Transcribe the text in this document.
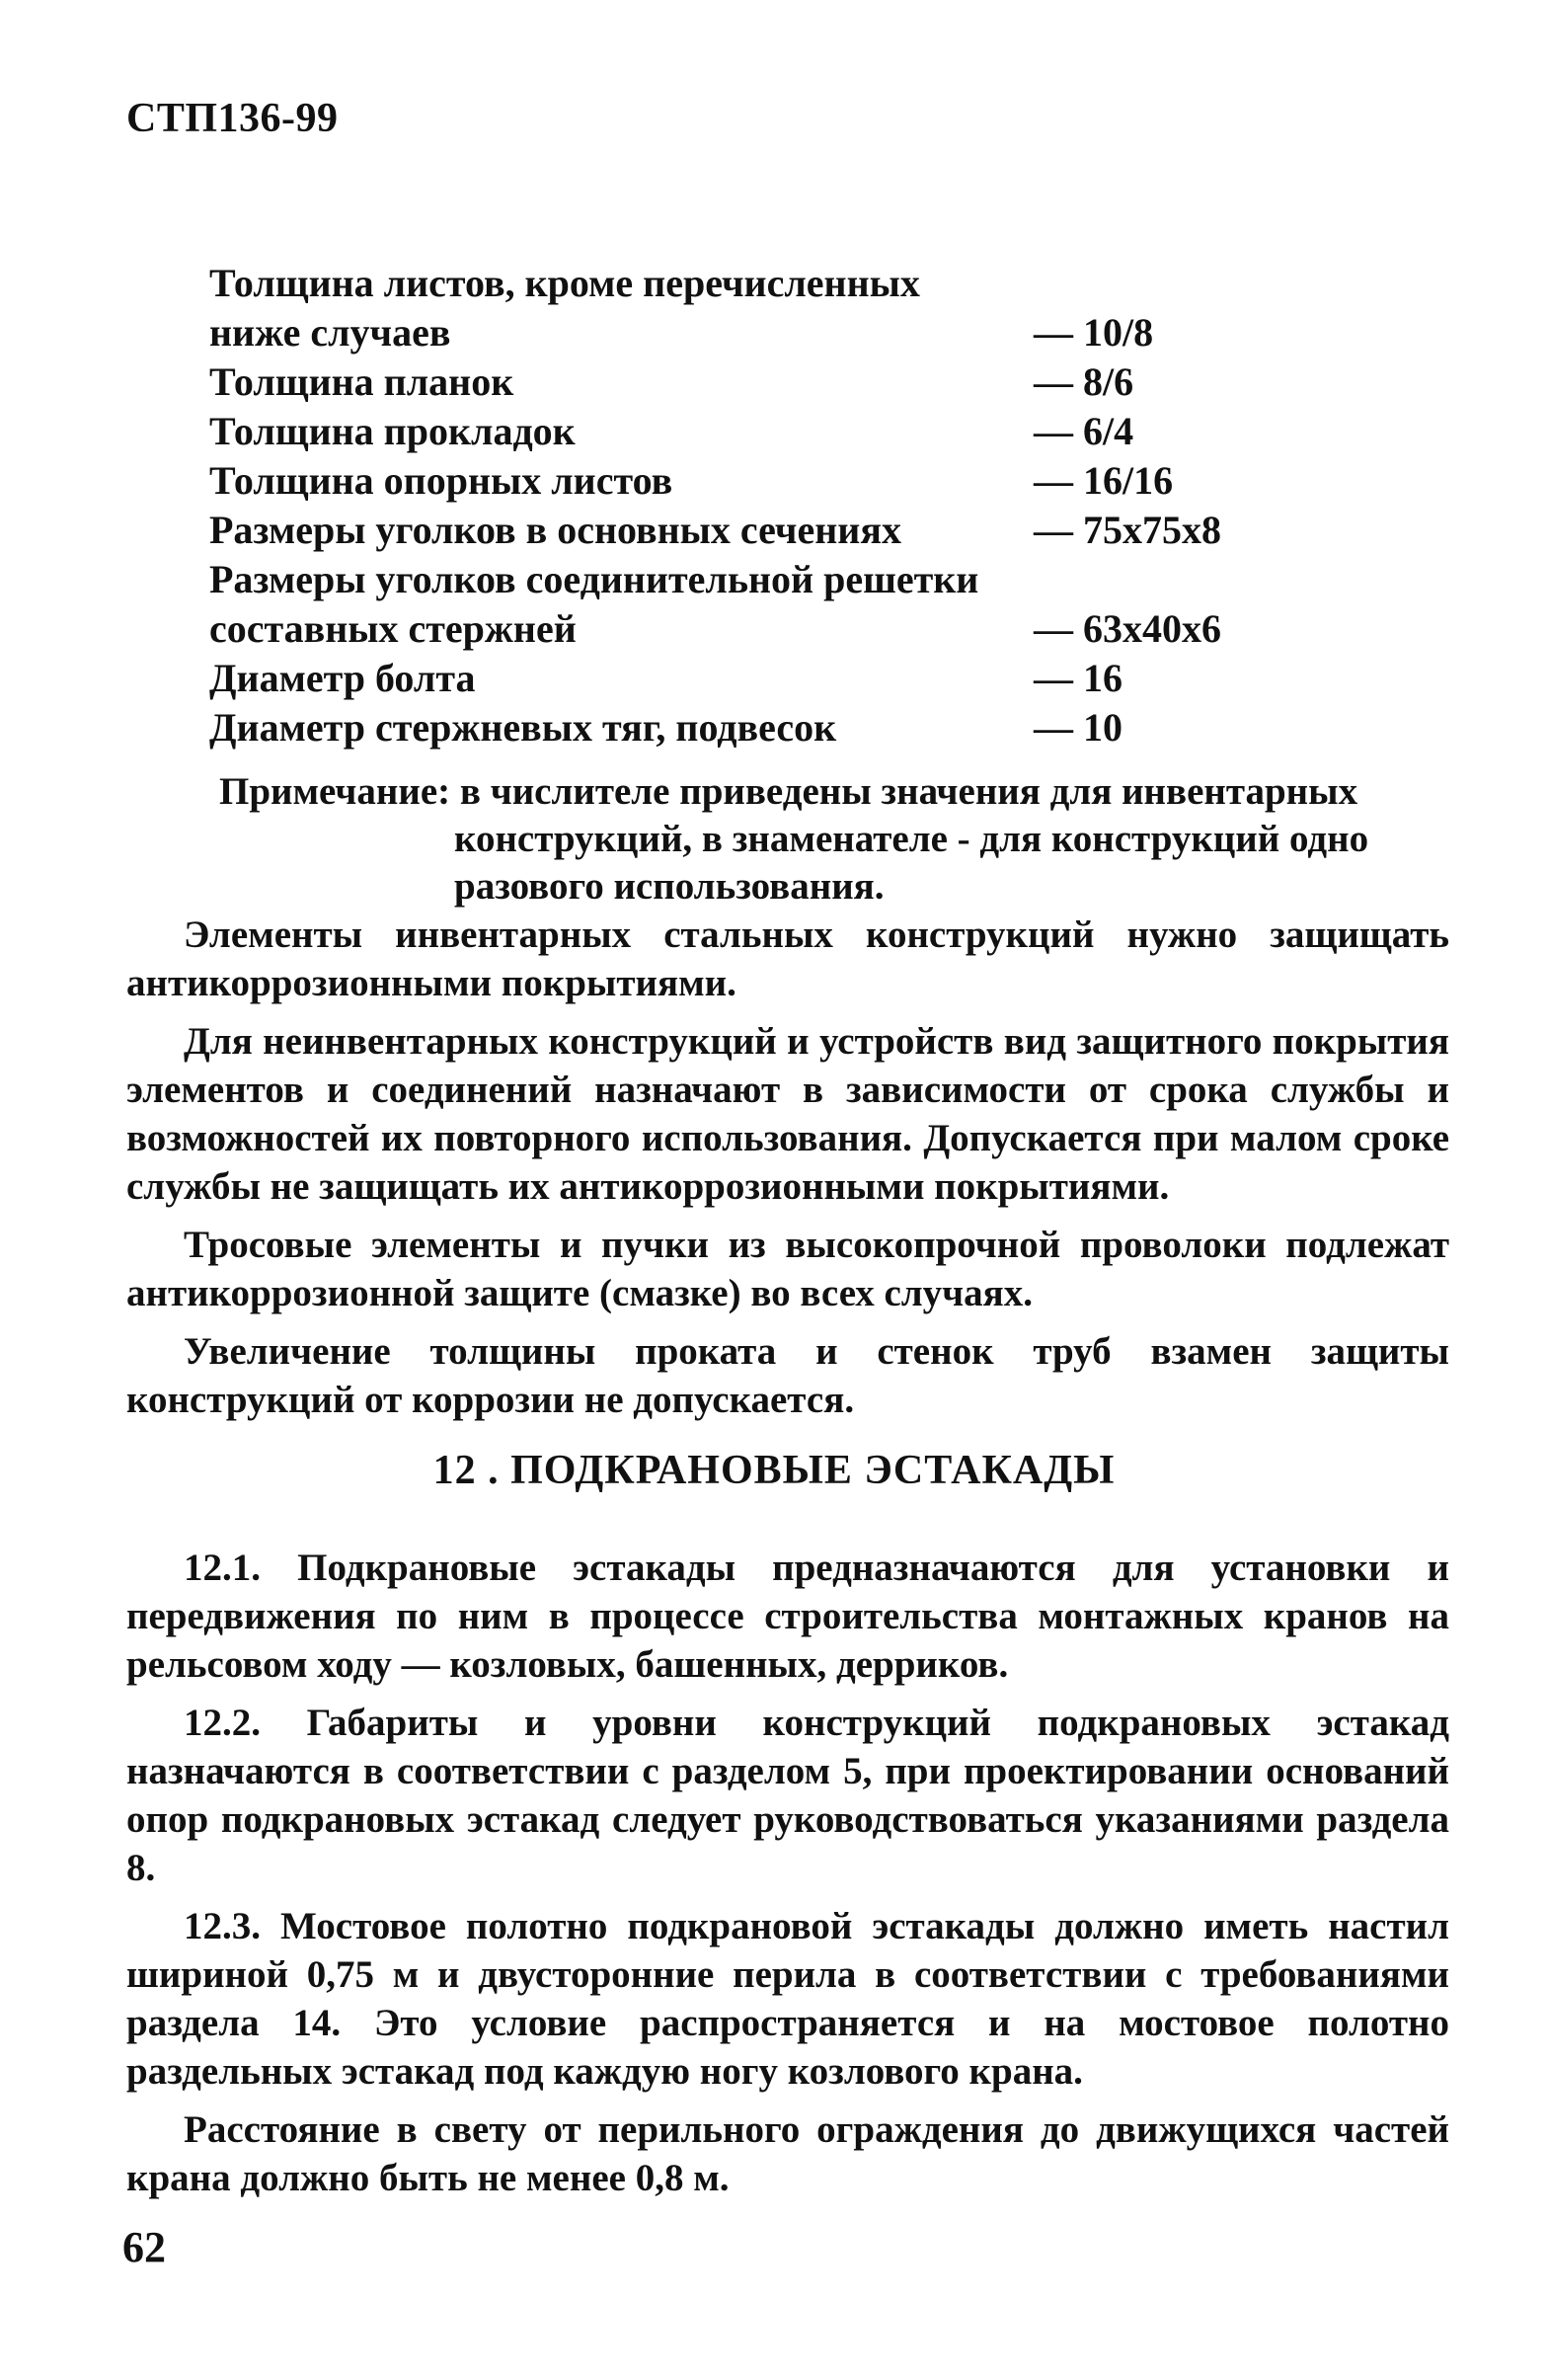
СТП136-99
Толщина листов, кроме перечисленных
ниже случаев	— 10/8
Толщина планок	— 8/6
Толщина прокладок	— 6/4
Толщина опорных листов	— 16/16
Размеры уголков в основных сечениях	— 75x75x8
Размеры уголков соединительной решетки
составных стержней	— 63x40x6
Диаметр болта	— 16
Диаметр стержневых тяг, подвесок	— 10
Примечание: в числителе приведены значения для инвентарных
конструкций, в знаменателе - для конструкций одно
разового использования.

Элементы инвентарных стальных конструкций нужно защищать антикоррозионными покрытиями.

Для неинвентарных конструкций и устройств вид защитного покрытия элементов и соединений назначают в зависимости от срока службы и возможностей их повторного использования. Допускается при малом сроке службы не защищать их антикоррозионными покрытиями.

Тросовые элементы и пучки из высокопрочной проволоки подлежат антикоррозионной защите (смазке) во всех случаях.

Увеличение толщины проката и стенок труб взамен защиты конструкций от коррозии не допускается.

12 . ПОДКРАНОВЫЕ ЭСТАКАДЫ

12.1. Подкрановые эстакады предназначаются для установки и передвижения по ним в процессе строительства монтажных кранов на рельсовом ходу — козловых, башенных, дерриков.

12.2. Габариты и уровни конструкций подкрановых эстакад назначаются в соответствии с разделом 5, при проектировании оснований опор подкрановых эстакад следует руководствоваться указаниями раздела 8.

12.3. Мостовое полотно подкрановой эстакады должно иметь настил шириной 0,75 м и двусторонние перила в соответствии с требованиями раздела 14. Это условие распространяется и на мостовое полотно раздельных эстакад под каждую ногу козлового крана.

Расстояние в свету от перильного ограждения до движущихся частей крана должно быть не менее 0,8 м.

62
